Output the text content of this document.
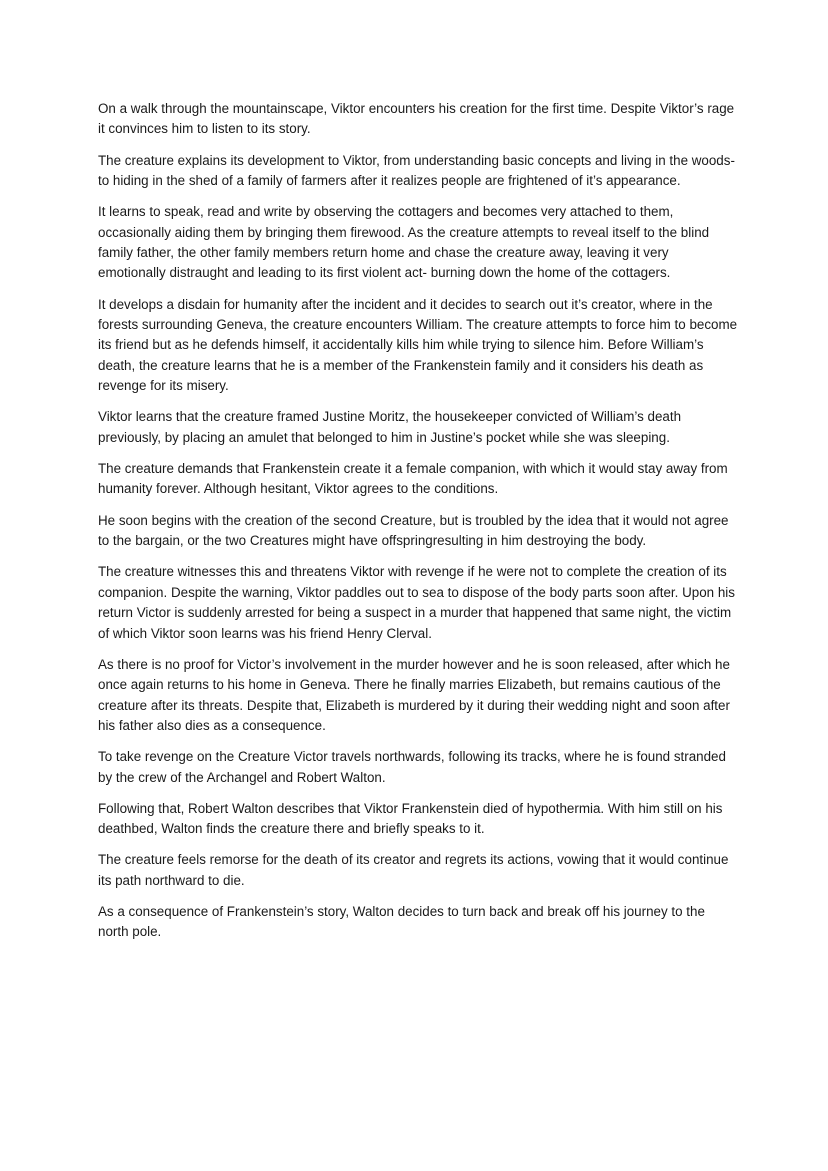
On a walk through the mountainscape, Viktor encounters his creation for the first time. Despite Viktor’s rage it convinces him to listen to its story.

The creature explains its development to Viktor, from understanding basic concepts and living in the woods- to hiding in the shed of a family of farmers after it realizes people are frightened of it’s appearance.

It learns to speak, read and write by observing the cottagers and becomes very attached to them, occasionally aiding them by bringing them firewood. As the creature attempts to reveal itself to the blind family father, the other family members return home and chase the creature away, leaving it very emotionally distraught and leading to its first violent act- burning down the home of the cottagers.

It develops a disdain for humanity after the incident and it decides to search out it’s creator, where in the forests surrounding Geneva, the creature encounters William. The creature attempts to force him to become its friend but as he defends himself, it accidentally kills him while trying to silence him. Before William’s death, the creature learns that he is a member of the Frankenstein family and it considers his death as revenge for its misery.

Viktor learns that the creature framed Justine Moritz, the housekeeper convicted of William’s death previously, by placing an amulet that belonged to him in Justine’s pocket while she was sleeping.

The creature demands that Frankenstein create it a female companion, with which it would stay away from humanity forever. Although hesitant, Viktor agrees to the conditions.

He soon begins with the creation of the second Creature, but is troubled by the idea that it would not agree to the bargain, or the two Creatures might have offspringresulting in him destroying the body.

The creature witnesses this and threatens Viktor with revenge if he were not to complete the creation of its companion. Despite the warning, Viktor paddles out to sea to dispose of the body parts soon after. Upon his return Victor is suddenly arrested for being a suspect in a murder that happened that same night, the victim of which Viktor soon learns was his friend Henry Clerval.

As there is no proof for Victor’s involvement in the murder however and he is soon released, after which he once again returns to his home in Geneva. There he finally marries Elizabeth, but remains cautious of the creature after its threats. Despite that, Elizabeth is murdered by it during their wedding night and soon after his father also dies as a consequence.

To take revenge on the Creature Victor travels northwards, following its tracks, where he is found stranded by the crew of the Archangel and Robert Walton.

Following that, Robert Walton describes that Viktor Frankenstein died of hypothermia. With him still on his deathbed, Walton finds the creature there and briefly speaks to it.

The creature feels remorse for the death of its creator and regrets its actions, vowing that it would continue its path northward to die.

As a consequence of Frankenstein’s story, Walton decides to turn back and break off his journey to the north pole.
